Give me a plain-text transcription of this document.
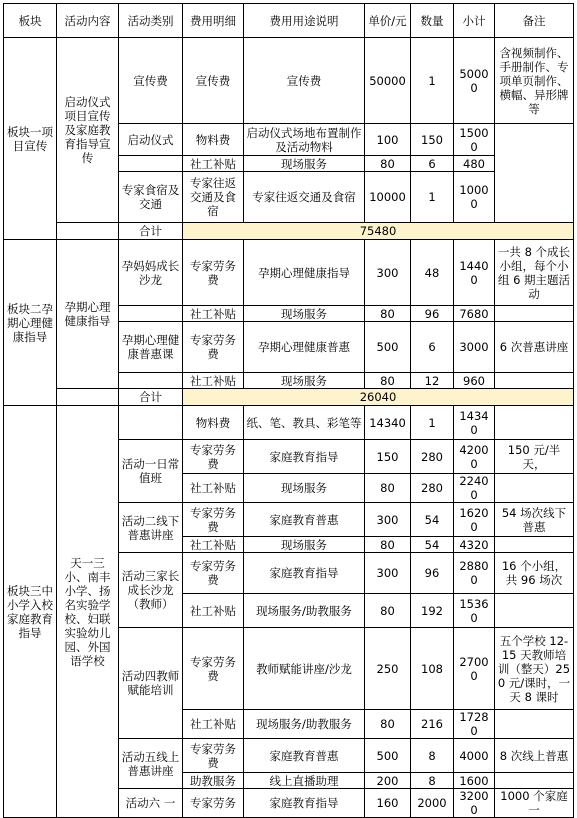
板块	活动内容	活动类别	费用明细	费用用途说明	单价/元	数量	小计	备注
板块一项目宣传	启动仪式项目宣传及家庭教育指导宣传	宣传费	宣传费	宣传费	50000	1	50000	含视频制作、手册制作、专项单页制作、横幅、异形牌等
		启动仪式	物料费	启动仪式场地布置制作及活动物料	100	150	15000	
			社工补贴	现场服务	80	6	480	
		专家食宿及交通	专家往返交通及食宿	专家往返交通及食宿	10000	1	10000	
		合计	75480					
板块二孕期心理健康指导	孕期心理健康指导	孕妈妈成长沙龙	专家劳务费	孕期心理健康指导	300	48	14400	一共 8 个成长小组，每个小组 6 期主题活动
			社工补贴	现场服务	80	96	7680	
		孕期心理健康普惠课	专家劳务费	孕期心理健康普惠	500	6	3000	6 次普惠讲座
			社工补贴	现场服务	80	12	960	
		合计	26040					
板块三中小学入校家庭教育指导	天一三小、南丰小学、扬名实验学校、妇联实验幼儿园、外国语学校		物料费	纸、笔、教具、彩笔等	14340	1	14340	
		活动一日常值班	专家劳务费	家庭教育指导	150	280	42000	150 元/半天，
			社工补贴	现场服务	80	280	22400	
		活动二线下普惠讲座	专家劳务费	家庭教育普惠	300	54	16200	54 场次线下普惠
			社工补贴	现场服务	80	54	4320	
		活动三家长成长沙龙（教师）	专家劳务费	家庭教育指导	300	96	28800	16 个小组，共 96 场次
			社工补贴	现场服务/助教服务	80	192	15360	
		活动四教师赋能培训	专家劳务费	教师赋能讲座/沙龙	250	108	27000	五个学校 12-15 天教师培训（整天）250 元/课时，一天 8 课时
			社工补贴	现场服务/助教服务	80	216	17280	
		活动五线上普惠讲座	专家劳务费	家庭教育普惠	500	8	4000	8 次线上普惠
			助教服务	线上直播助理	200	8	1600	
		活动六 一	专家劳务	家庭教育指导	160	2000	32000	1000 个家庭一
